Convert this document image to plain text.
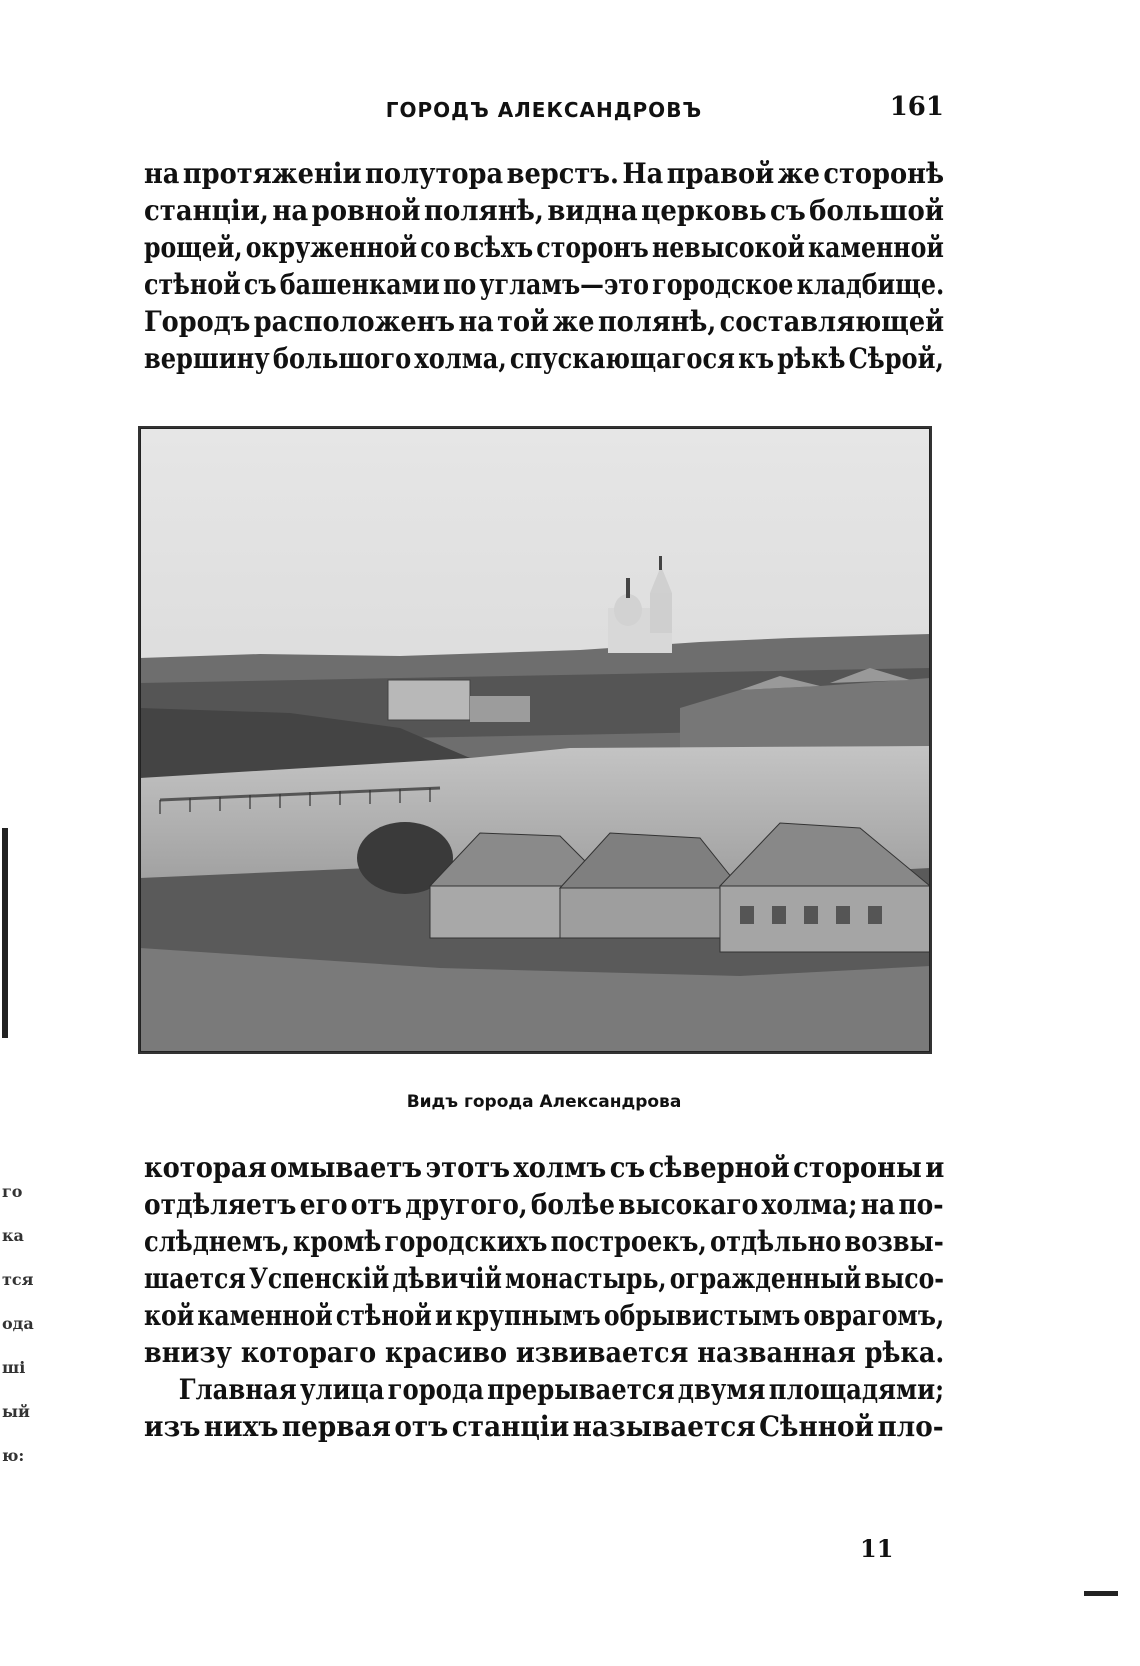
ГОРОДЪ АЛЕКСАНДРОВЪ	161
на протяженіи полутора верстъ. На правой же сторонѣ
станціи, на ровной полянѣ, видна церковь съ большой
рощей, окруженной со всѣхъ сторонъ невысокой каменной
стѣной съ башенками по угламъ—это городское кладбище.
Городъ расположенъ на той же полянѣ, составляющей
вершину большого холма, спускающагося къ рѣкѣ Сѣрой,
Видъ города Александрова
которая омываетъ этотъ холмъ съ сѣверной стороны и
отдѣляетъ его отъ другого, болѣе высокаго холма; на по-
слѣднемъ, кромѣ городскихъ построекъ, отдѣльно возвы-
шается Успенскій дѣвичій монастырь, огражденный высо-
кой каменной стѣной и крупнымъ обрывистымъ оврагомъ,
внизу котораго красиво извивается названная рѣка.
Главная улица города прерывается двумя площадями;
изъ нихъ первая отъ станціи называется Сѣнной пло-
11
го
ка
тся
ода
ші
ый
ю:
